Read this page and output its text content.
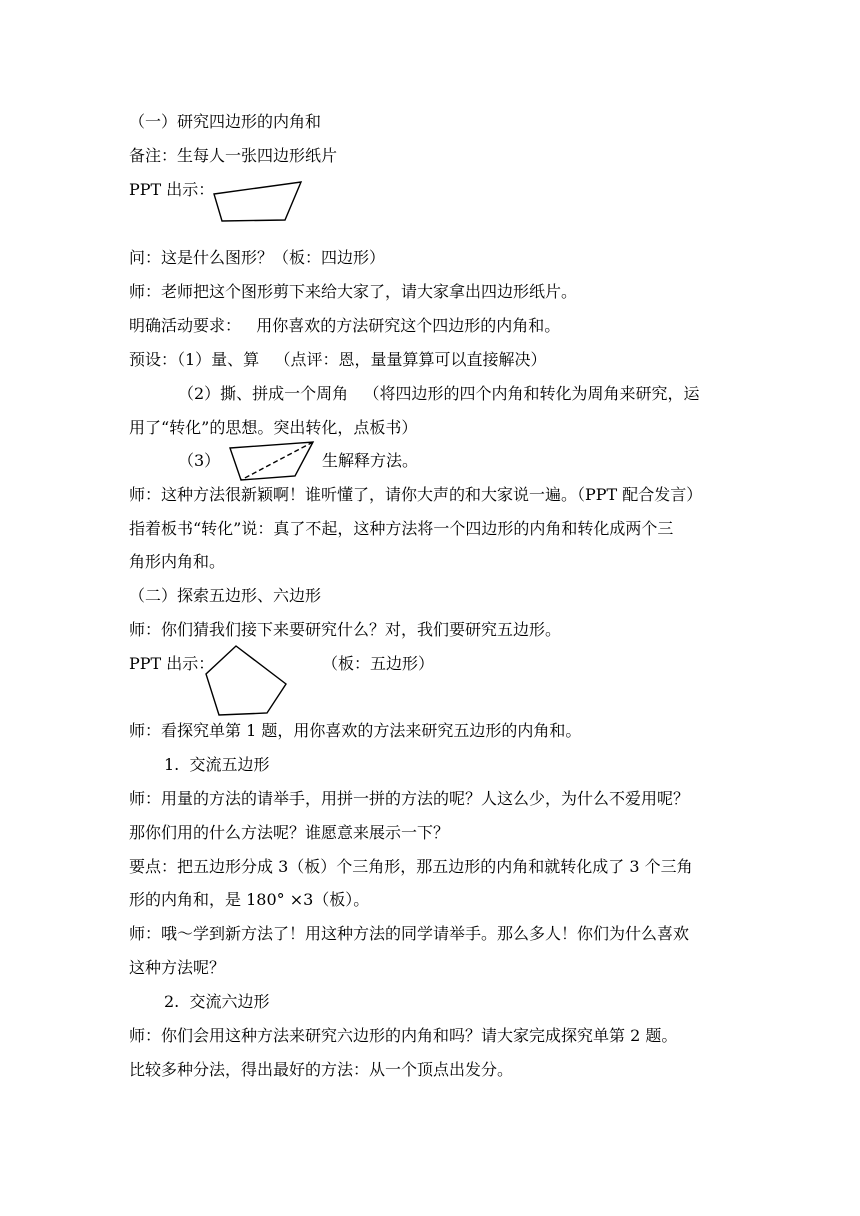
（一）研究四边形的内角和
备注：生每人一张四边形纸片
PPT 出示：
问：这是什么图形？（板：四边形）
师：老师把这个图形剪下来给大家了，请大家拿出四边形纸片。
明确活动要求：   用你喜欢的方法研究这个四边形的内角和。
预设：（1）量、算   （点评：恩，量量算算可以直接解决）
（2）撕、拼成一个周角   （将四边形的四个内角和转化为周角来研究，运
用了“转化”的思想。突出转化，点板书）
（3）	生解释方法。
师：这种方法很新颖啊！谁听懂了，请你大声的和大家说一遍。（PPT 配合发言）
指着板书“转化”说：真了不起，这种方法将一个四边形的内角和转化成两个三
角形内角和。
（二）探索五边形、六边形
师：你们猜我们接下来要研究什么？对，我们要研究五边形。
PPT 出示：	（板：五边形）
师：看探究单第 1 题，用你喜欢的方法来研究五边形的内角和。
1.  交流五边形
师：用量的方法的请举手，用拼一拼的方法的呢？人这么少，为什么不爱用呢？
那你们用的什么方法呢？谁愿意来展示一下？
要点：把五边形分成 3（板）个三角形，那五边形的内角和就转化成了 3 个三角
形的内角和，是 180° ×3（板）。
师：哦～学到新方法了！用这种方法的同学请举手。那么多人！你们为什么喜欢
这种方法呢？
2.  交流六边形
师：你们会用这种方法来研究六边形的内角和吗？请大家完成探究单第 2 题。
比较多种分法，得出最好的方法：从一个顶点出发分。
